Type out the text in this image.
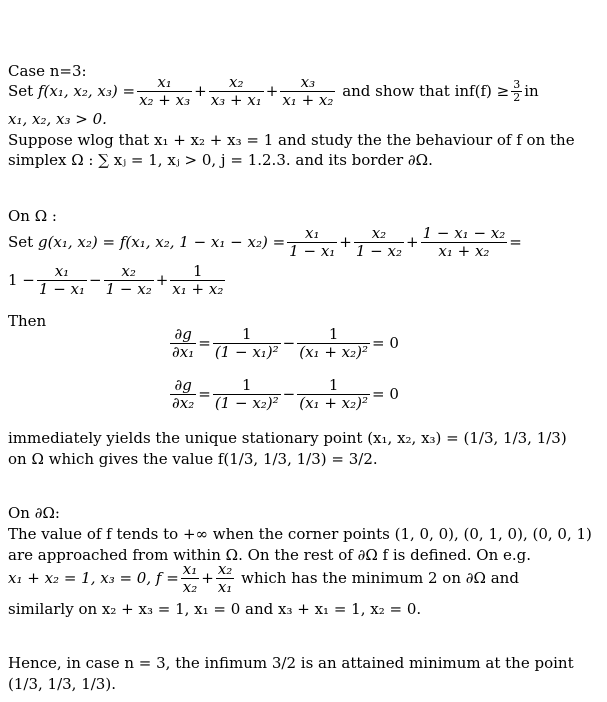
Case n=3:
Set
f(x₁, x₂, $x_3) = \frac{\text{x₁}}{\text{x₂ + x₃}} + \frac{\text{x₂}}{\text{x₃ + x₁}} + \frac{\text{x₃}}{\text{x₁ + x₂}}$
and show that $inf(f) \ge \frac{3}{2}$ in
x₁, x₂, x₃ > 0.
Suppose wlog that x₁ + x₂ + x₃ = 1 and study the the behaviour of f on the
simplex Ω : ∑ xⱼ = 1, xⱼ > 0, j = 1.2.3. and its border ∂Ω.
On Ω :
Set
g(x₁, x₂) = f(x₁, x₂, $1 - x_1 - x_2) = \frac{\text{x₁}}{\text{1 − x₁}} + \frac{\text{x₂}}{\text{1 − x₂}} + \frac{\text{1 − x₁ − x₂}}{\text{x₁ + x₂}}$ =
$1 - \frac{\text{x₁}}{\text{1 − x₁}} - \frac{\text{x₂}}{\text{1 − x₂}} + \frac{1}{\text{x₁ + x₂}}$
Then
$\frac{\partial g}{\text{∂x₁}} = \frac{1}{\text{(1 − x₁)²}} - \frac{1}{\text{(x₁ + x₂)²}} = 0$
$\frac{\partial g}{\text{∂x₂}} = \frac{1}{\text{(1 − x₂)²}} - \frac{1}{\text{(x₁ + x₂)²}} = 0$
immediately yields the unique stationary point (x₁, x₂, x₃) = (1/3, 1/3, 1/3)
on Ω which gives the value f(1/3, 1/3, 1/3) = 3/2.
On ∂Ω:
The value of f tends to +∞ when the corner points (1, 0, 0), (0, 1, 0), (0, 0, 1)
are approached from within Ω. On the rest of ∂Ω f is defined. On e.g.
x₁ + x₂ = 1, x₃ = 0, $f = \frac{\text{x₁}}{\text{x₂}} + \frac{\text{x₂}}{\text{x₁}}$
which has the minimum 2 on ∂Ω and
similarly on x₂ + x₃ = 1, x₁ = 0 and x₃ + x₁ = 1, x₂ = 0.
Hence, in case n = 3, the infimum 3/2 is an attained minimum at the point
(1/3, 1/3, 1/3).
